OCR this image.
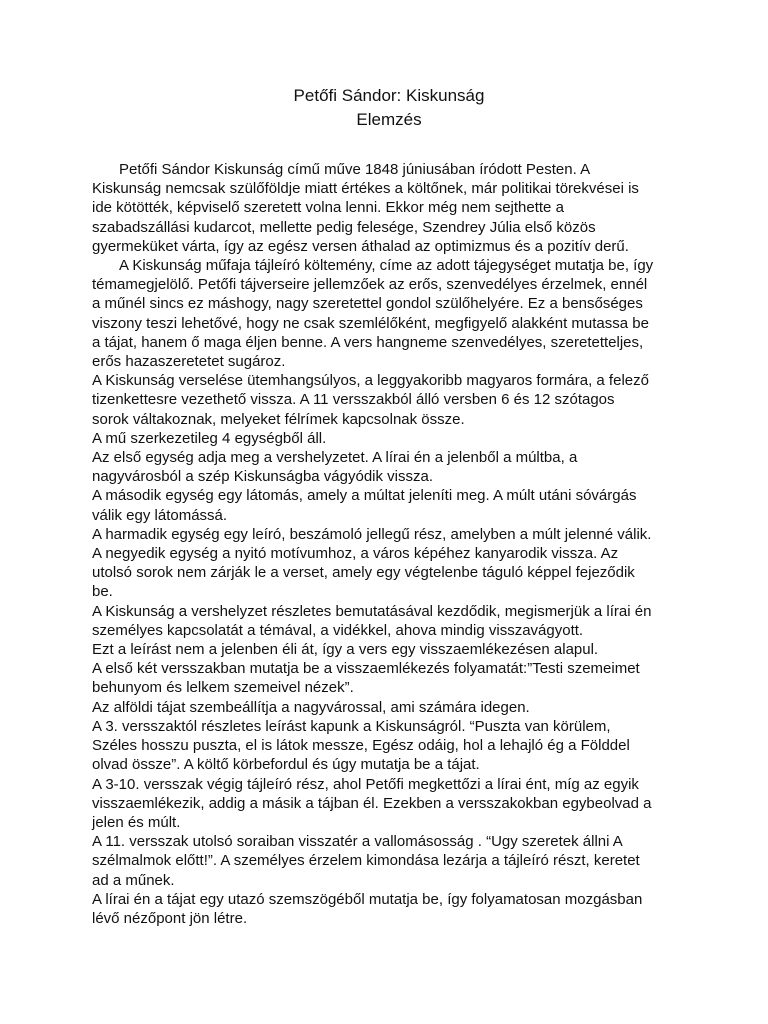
Petőfi Sándor: Kiskunság
Elemzés
Petőfi Sándor Kiskunság című műve 1848 júniusában íródott Pesten. A
Kiskunság nemcsak szülőföldje miatt értékes a költőnek, már politikai törekvései is
ide kötötték, képviselő szeretett volna lenni. Ekkor még nem sejthette a
szabadszállási kudarcot, mellette pedig felesége, Szendrey Júlia első közös
gyermeküket várta, így az egész versen áthalad az optimizmus és a pozitív derű.
A Kiskunság műfaja tájleíró költemény, címe az adott tájegységet mutatja be, így
témamegjelölő. Petőfi tájverseire jellemzőek az erős, szenvedélyes érzelmek, ennél
a műnél sincs ez máshogy, nagy szeretettel gondol szülőhelyére. Ez a bensőséges
viszony teszi lehetővé, hogy ne csak szemlélőként, megfigyelő alakként mutassa be
a tájat, hanem ő maga éljen benne. A vers hangneme szenvedélyes, szeretetteljes,
erős hazaszeretetet sugároz.
A Kiskunság verselése ütemhangsúlyos, a leggyakoribb magyaros formára, a felező
tizenkettesre vezethető vissza. A 11 versszakból álló versben 6 és 12 szótagos
sorok váltakoznak, melyeket félrímek kapcsolnak össze.
A mű szerkezetileg 4 egységből áll.
Az első egység adja meg a vershelyzetet. A lírai én a jelenből a múltba, a
nagyvárosból a szép Kiskunságba vágyódik vissza.
A második egység egy látomás, amely a múltat jeleníti meg. A múlt utáni sóvárgás
válik egy látomássá.
A harmadik egység egy leíró, beszámoló jellegű rész, amelyben a múlt jelenné válik.
A negyedik egység a nyitó motívumhoz, a város képéhez kanyarodik vissza. Az
utolsó sorok nem zárják le a verset, amely egy végtelenbe táguló képpel fejeződik
be.
A Kiskunság a vershelyzet részletes bemutatásával kezdődik, megismerjük a lírai én
személyes kapcsolatát a témával, a vidékkel, ahova mindig visszavágyott.
Ezt a leírást nem a jelenben éli át, így a vers egy visszaemlékezésen alapul.
A első két versszakban mutatja be a visszaemlékezés folyamatát:”Testi szemeimet
behunyom és lelkem szemeivel nézek”.
Az alföldi tájat szembeállítja a nagyvárossal, ami számára idegen.
A 3. versszaktól részletes leírást kapunk a Kiskunságról. “Puszta van körülem,
Széles hosszu puszta, el is látok messze, Egész odáig, hol a lehajló ég a Földdel
olvad össze”. A költő körbefordul és úgy mutatja be a tájat.
A 3-10. versszak végig tájleíró rész, ahol Petőfi megkettőzi a lírai ént, míg az egyik
visszaemlékezik, addig a másik a tájban él. Ezekben a versszakokban egybeolvad a
jelen és múlt.
A 11. versszak utolsó soraiban visszatér a vallomásosság . “Ugy szeretek állni A
szélmalmok előtt!”. A személyes érzelem kimondása lezárja a tájleíró részt, keretet
ad a műnek.
A lírai én a tájat egy utazó szemszögéből mutatja be, így folyamatosan mozgásban
lévő nézőpont jön létre.
